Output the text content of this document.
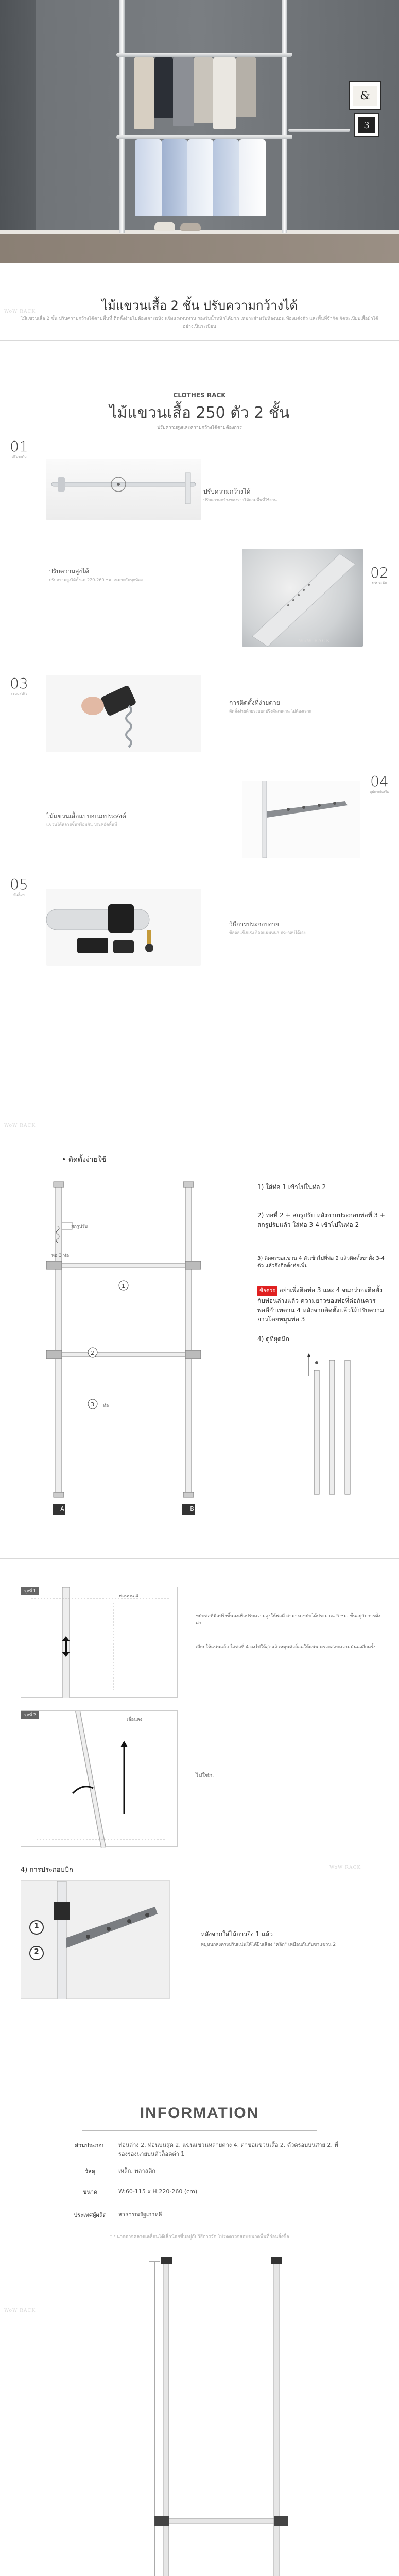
&
3
ไม้แขวนเสื้อ 2 ชั้น ปรับความกว้างได้
ไม้แขวนเสื้อ 2 ชั้น ปรับความกว้างได้ตามพื้นที่ ติดตั้งง่ายไม่ต้องเจาะผนัง แข็งแรงทนทาน รองรับน้ำหนักได้มาก เหมาะสำหรับห้องนอน ห้องแต่งตัว และพื้นที่จำกัด จัดระเบียบเสื้อผ้าได้อย่างเป็นระเบียบ
CLOTHES RACK
ไม้แขวนเสื้อ 250 ตัว 2 ชั้น
ปรับความสูงและความกว้างได้ตามต้องการ
01
ปรับระดับ
ปรับความกว้างได้
ปรับความกว้างของราวได้ตามพื้นที่ใช้งาน
02
ปรับระดับ
ปรับความสูงได้
ปรับความสูงได้ตั้งแต่ 220-260 ซม. เหมาะกับทุกห้อง
03
ระบบสปริง
การติดตั้งที่ง่ายดาย
ติดตั้งง่ายด้วยระบบสปริงดันเพดาน ไม่ต้องเจาะ
04
อุปกรณ์เสริม
ไม้แขวนเสื้อแบบอเนกประสงค์
แขวนได้หลายชิ้นพร้อมกัน ประหยัดพื้นที่
05
ตัวล็อค
วิธีการประกอบง่าย
ข้อต่อแข็งแรง ล็อคแน่นหนา ประกอบได้เอง
• ติดตั้งง่ายใช้
1
2
3
สกรูปรับ
ท่อ 3 ท่อ
ท่อ
A	B
1) ใส่ท่อ 1 เข้าไปในท่อ 2
2) ท่อที่ 2 + สกรูปรับ หลังจากประกอบท่อที่ 3 + สกรูปรับแล้ว ใส่ท่อ 3-4 เข้าไปในท่อ 2
3) ติดตะขอแขวน 4 ตัวเข้าไปที่ท่อ 2 แล้วติดตั้งขาตั้ง 3-4 ตัว แล้วจึงติดตั้งท่อเพิ่ม
ข้อควร อย่าเพิ่งติดท่อ 3 และ 4 จนกว่าจะติดตั้งกับท่อนล่างแล้ว ความยาวของท่อที่ต่อกันควรพอดีกับเพดาน 4 หลังจากติดตั้งแล้วให้ปรับความยาวโดยหมุนท่อ 3
4) ดูที่ยุดมีก
จุดที่ 1
ท่อนบน 4
ขยับท่อที่มีสปริงขึ้นลงเพื่อปรับความสูงให้พอดี สามารถขยับได้ประมาณ 5 ซม. ขึ้นอยู่กับการตั้งค่า
เสียบให้แน่นแล้ว ใส่ท่อที่ 4 ลงไปให้สุดแล้วหมุนตัวล็อคให้แน่น ตรวจสอบความมั่นคงอีกครั้ง
จุดที่ 2
เลื่อนลง
ไม่ใช่ก.
4) การประกอบบีก
1
2
หลังจากใส่ไม้ถาวยิ่ง 1 แล้ว
หมุนบกลงตรงปรับแน่นให้ได้ยินเสียง "คลิก" เหมือนกันกับขาแขวน 2
INFORMATION
ส่วนประกอบ	ท่อนล่าง 2, ท่อนบนสุด 2, แขนแขวนหลายตาง 4, ตาขอแขวนเสื้อ 2, ตัวครอบบนสาย 2, ที่รองรองน่ายบนตัวล็อคต่า 1
วัสดุ	เหล็ก, พลาสติก
ขนาด	W:60-115 x H:220-260 (cm)
ประเทศผู้ผลิต	สาธารณรัฐเกาหลี
* ขนาดอาจคลาดเคลื่อนได้เล็กน้อยขึ้นอยู่กับวิธีการวัด โปรดตรวจสอบขนาดพื้นที่ก่อนสั่งซื้อ
WoW RACK
WoW RACK
WoW RACK
WoW RACK
WoW RACK
